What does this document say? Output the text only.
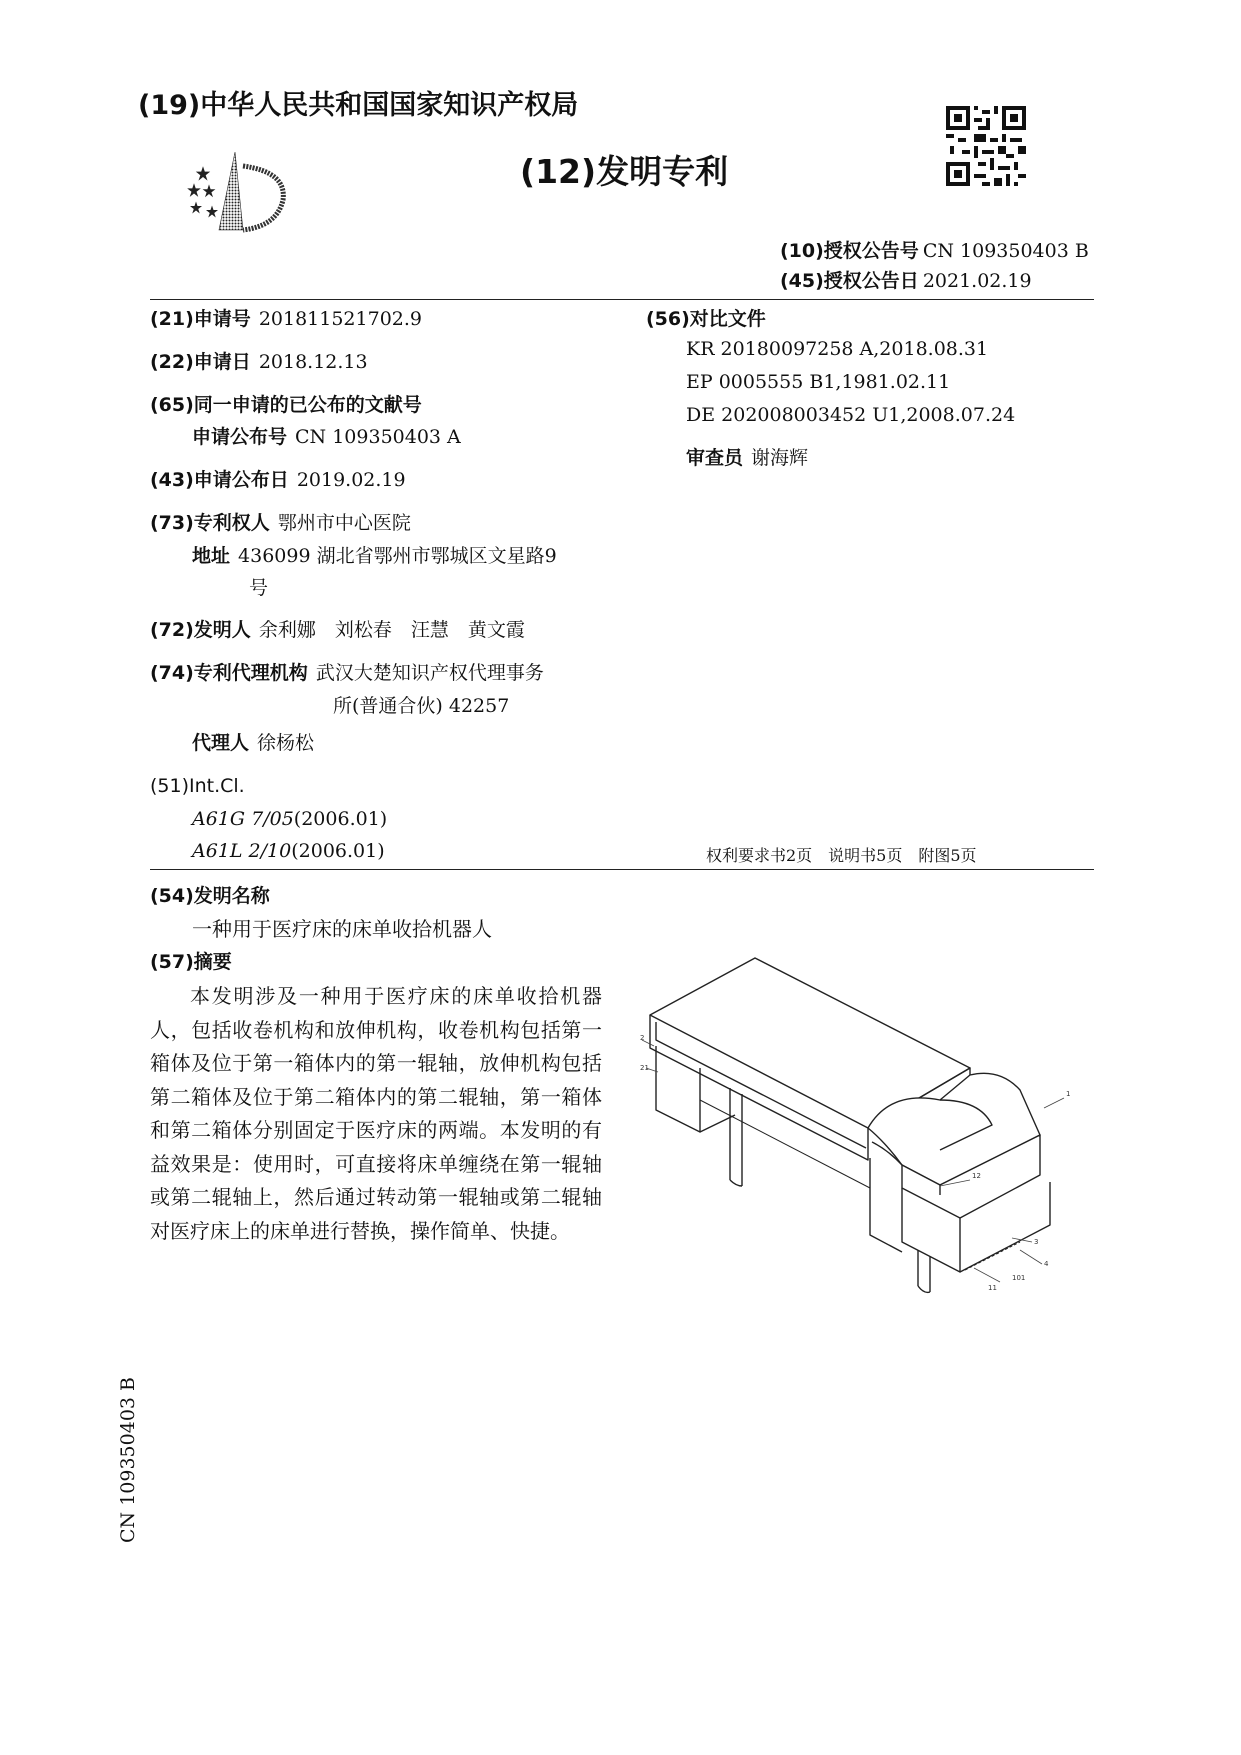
(19)中华人民共和国国家知识产权局
(12)发明专利
(10)授权公告号 CN 109350403 B
(45)授权公告日 2021.02.19
(21)申请号 201811521702.9
(22)申请日 2018.12.13
(65)同一申请的已公布的文献号
申请公布号 CN 109350403 A
(43)申请公布日 2019.02.19
(73)专利权人 鄂州市中心医院
地址 436099 湖北省鄂州市鄂城区文星路9
号
(72)发明人 余利娜　刘松春　汪慧　黄文霞
(74)专利代理机构 武汉大楚知识产权代理事务
所(普通合伙) 42257
代理人 徐杨松
(51)Int.Cl.
A61G 7/05(2006.01)
A61L 2/10(2006.01)
(56)对比文件
KR 20180097258 A,2018.08.31
EP 0005555 B1,1981.02.11
DE 202008003452 U1,2008.07.24
审查员 谢海辉
权利要求书2页　说明书5页　附图5页
(54)发明名称
一种用于医疗床的床单收拾机器人
(57)摘要

本发明涉及一种用于医疗床的床单收拾机器人，包括收卷机构和放伸机构，收卷机构包括第一箱体及位于第一箱体内的第一辊轴，放伸机构包括第二箱体及位于第二箱体内的第二辊轴，第一箱体和第二箱体分别固定于医疗床的两端。本发明的有益效果是：使用时，可直接将床单缠绕在第一辊轴或第二辊轴上，然后通过转动第一辊轴或第二辊轴对医疗床上的床单进行替换，操作简单、快捷。

2
21
1
11
4
3
101
12
CN 109350403 B
